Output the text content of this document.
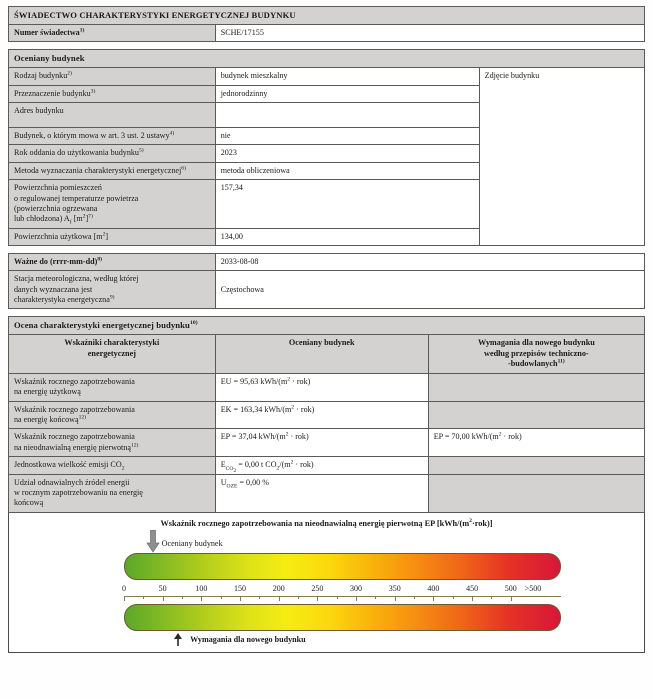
ŚWIADECTWO CHARAKTERYSTYKI ENERGETYCZNEJ BUDYNKU
Numer świadectwa$^{1)}$	SCHE/17155
Oceniany budynek		
Rodzaj budynku$^{2)}$	budynek mieszkalny	Zdjęcie budynku
Przeznaczenie budynku$^{3)}$	jednorodzinny	
Adres budynku		
Budynek, o którym mowa w art. 3 ust. 2 ustawy$^{4)}$	nie	
Rok oddania do użytkowania budynku$^{5)}$	2023	
Metoda wyznaczania charakterystyki energetycznej$^{6)}$	metoda obliczeniowa	
Powierzchnia pomieszczeń
o regulowanej temperaturze powietrza
(powierzchnia ogrzewana
lub chłodzona) $A_f$ $[m^2]^{7)}$	157,34	
Powierzchnia użytkowa $[m^2]$	134,00	
Ważne do (rrrr-mm-dd)$^{8)}$	2033-08-08
Stacja meteorologiczna, według której
danych wyznaczana jest
charakterystyka energetyczna$^{9)}$	Częstochowa
Ocena charakterystyki energetycznej budynku$^{10)}$
Wskaźniki charakterystyki
energetycznej	Oceniany budynek	Wymagania dla nowego budynku
według przepisów techniczno-
-budowlanych$^{11)}$
Wskaźnik rocznego zapotrzebowania
na energię użytkową	EU = 95,63 kWh/$(m^2 \cdot rok)$	
Wskaźnik rocznego zapotrzebowania
na energię końcową$^{12)}$	EK = 163,34 kWh/$(m^2 \cdot rok)$	
Wskaźnik rocznego zapotrzebowania
na nieodnawialną energię pierwotną$^{12)}$	EP = 37,04 kWh/$(m^2 \cdot rok)$	EP = 70,00 kWh/$(m^2 \cdot rok)$
Jednostkowa wielkość emisji $CO_2$	$E_{CO_2} = 0,00$ t $CO_2/(m^2 \cdot rok)$	
Udział odnawialnych źródeł energii
w rocznym zapotrzebowaniu na energię
końcową	$U_{OZE} = 0,00$ %	
Wskaźnik rocznego zapotrzebowania na nieodnawialną energię pierwotną EP $[kWh/(m^2\cdot rok)]$
Oceniany budynek
0	50	100	150	200	250	300	350	400	450	500 >500
Wymagania dla nowego budynku
